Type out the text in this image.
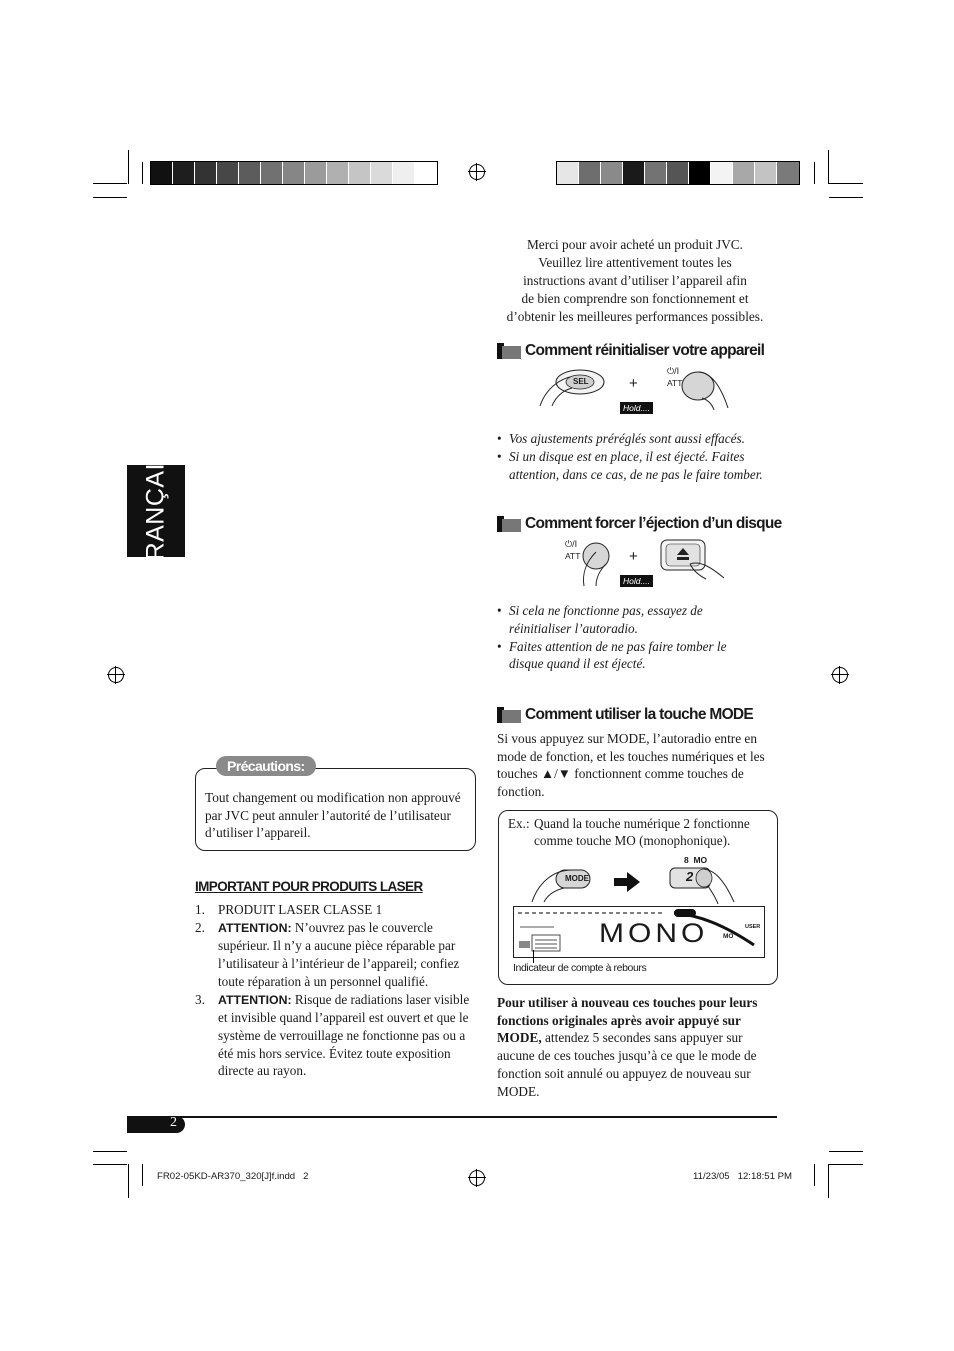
FRANÇAIS
Merci pour avoir acheté un produit JVC.
Veuillez lire attentivement toutes les
instructions avant d’utiliser l’appareil afin
de bien comprendre son fonctionnement et
d’obtenir les meilleures performances possibles.
Comment réinitialiser votre appareil
SEL	+
⏻/I
ATT
Hold....
• Vos ajustements préréglés sont aussi effacés.
• Si un disque est en place, il est éjecté. Faites attention, dans ce cas, de ne pas le faire tomber.
Comment forcer l’éjection d’un disque
⏻/I
ATT	+
Hold....
• Si cela ne fonctionne pas, essayez de réinitialiser l’autoradio.
• Faites attention de ne pas faire tomber le disque quand il est éjecté.
Comment utiliser la touche MODE
Si vous appuyez sur MODE, l’autoradio entre en mode de fonction, et les touches numériques et les touches ▲/▼ fonctionnent comme touches de fonction.
Ex.: Quand la touche numérique 2 fonctionne comme touche MO (monophonique).
MODE
8  MO
2
MONO MO
USER
Indicateur de compte à rebours
Pour utiliser à nouveau ces touches pour leurs fonctions originales après avoir appuyé sur MODE, attendez 5 secondes sans appuyer sur aucune de ces touches jusqu’à ce que le mode de fonction soit annulé ou appuyez de nouveau sur MODE.
Précautions:
Tout changement ou modification non approuvé par JVC peut annuler l’autorité de l’utilisateur d’utiliser l’appareil.
IMPORTANT POUR PRODUITS LASER
1. PRODUIT LASER CLASSE 1
2. ATTENTION: N’ouvrez pas le couvercle supérieur. Il n’y a aucune pièce réparable par l’utilisateur à l’intérieur de l’appareil; confiez toute réparation à un personnel qualifié.
3. ATTENTION: Risque de radiations laser visible et invisible quand l’appareil est ouvert et que le système de verrouillage ne fonctionne pas ou a été mis hors service. Évitez toute exposition directe au rayon.
2
FR02-05KD-AR370_320[J]f.indd   2	11/23/05   12:18:51 PM
